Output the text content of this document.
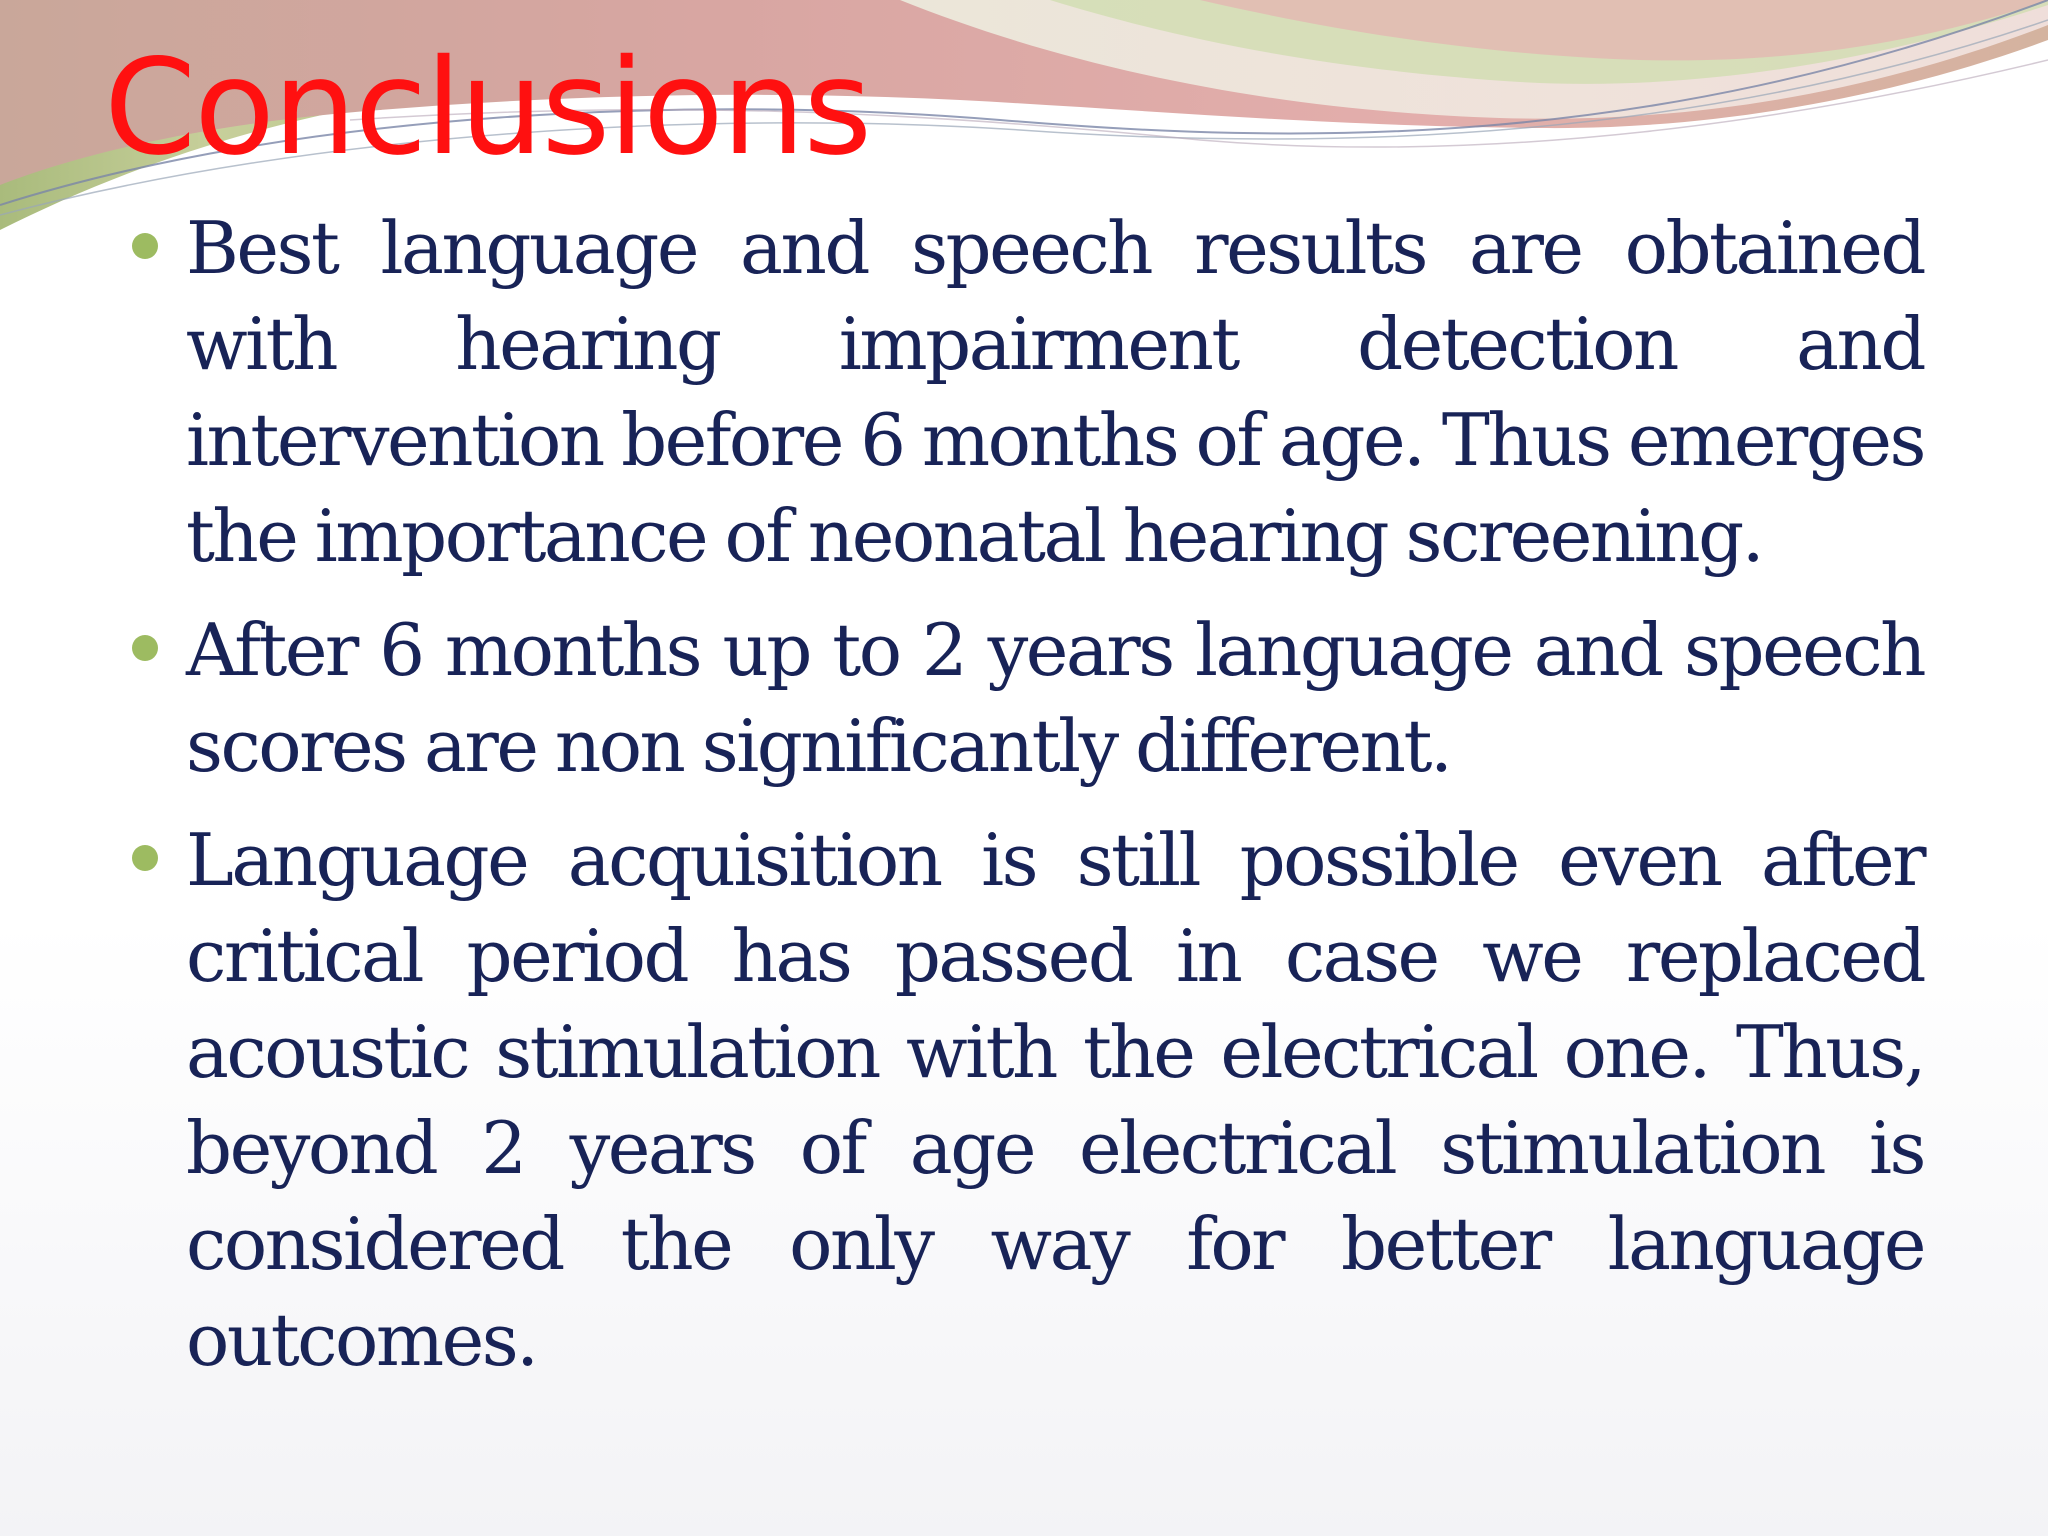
Conclusions
Best language and speech results are obtained with hearing impairment detection and intervention before 6 months of age. Thus emerges the importance of neonatal hearing screening.
After 6 months up to 2 years language and speech scores are non significantly different.
Language acquisition is still possible even after critical period has passed in case we replaced acoustic stimulation with the electrical one. Thus, beyond 2 years of age electrical stimulation is considered the only way for better language outcomes.
